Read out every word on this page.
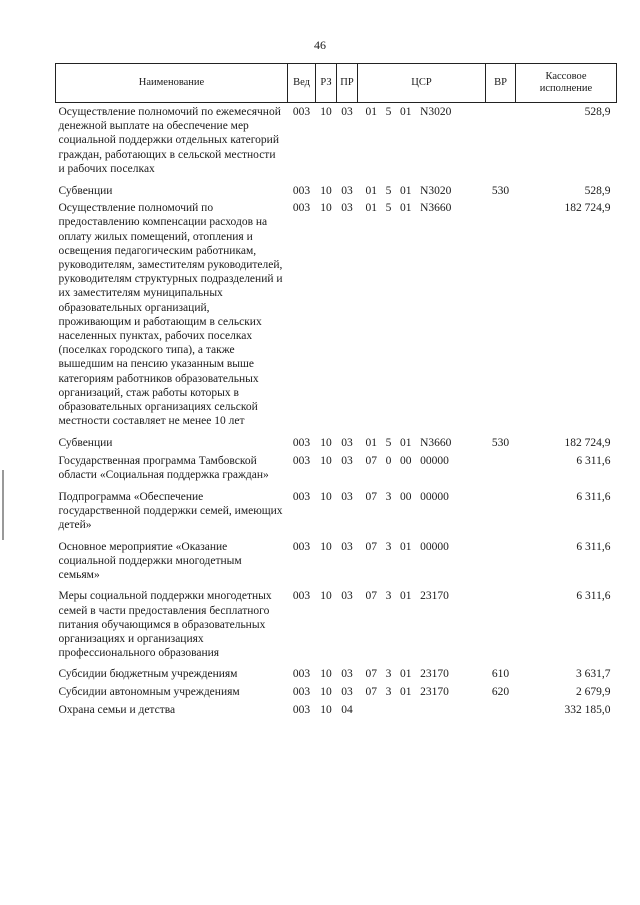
46
Наименование	Вед	РЗ	ПР	ЦСР	ВР	Кассовое исполнение
Осуществление полномочий по ежемесячной денежной выплате на обеспечение мер социальной поддержки отдельных категорий граждан, работающих в сельской местности и рабочих поселках	003	10	03	01   5   01   N3020		528,9
Субвенции	003	10	03	01   5   01   N3020	530	528,9
Осуществление полномочий по предоставлению компенсации расходов на оплату жилых помещений, отопления и освещения педагогическим работникам, руководителям, заместителям руководителей, руководителям структурных подразделений и их заместителям муниципальных образовательных организаций, проживающим и работающим в сельских населенных пунктах, рабочих поселках (поселках городского типа), а также вышедшим на пенсию указанным выше категориям работников образовательных организаций, стаж работы которых в образовательных организациях сельской местности составляет не менее 10 лет	003	10	03	01   5   01   N3660		182 724,9
Субвенции	003	10	03	01   5   01   N3660	530	182 724,9
Государственная программа Тамбовской области «Социальная поддержка граждан»	003	10	03	07   0   00   00000		6 311,6
Подпрограмма «Обеспечение государственной поддержки семей, имеющих детей»	003	10	03	07   3   00   00000		6 311,6
Основное мероприятие «Оказание социальной поддержки многодетным семьям»	003	10	03	07   3   01   00000		6 311,6
Меры социальной поддержки многодетных семей в части предоставления бесплатного питания обучающимся в образовательных организациях и организациях профессионального образования	003	10	03	07   3   01   23170		6 311,6
Субсидии бюджетным учреждениям	003	10	03	07   3   01   23170	610	3 631,7
Субсидии автономным учреждениям	003	10	03	07   3   01   23170	620	2 679,9
Охрана семьи и детства	003	10	04			332 185,0
